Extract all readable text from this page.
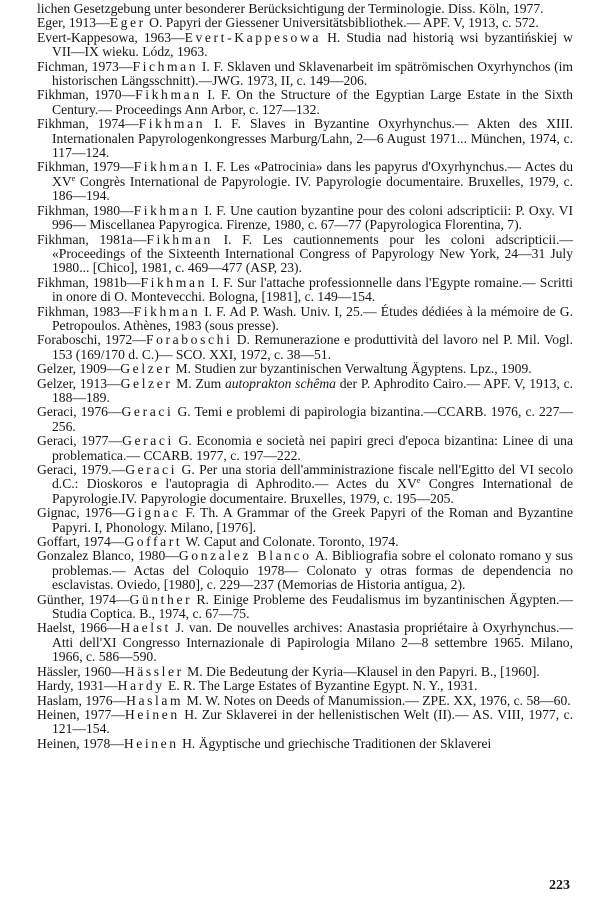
lichen Gesetzgebung unter besonderer Berücksichtigung der Terminologie. Diss. Köln, 1977.

Eger, 1913—Eger O. Papyri der Giessener Universitätsbibliothek.— APF. V, 1913, c. 572.

Evert-Kappesowa, 1963—Evert-Kappesowa H. Studia nad historią wsi byzantińskiej w VII—IX wieku. Lódz, 1963.

Fichman, 1973—Fichman I. F. Sklaven und Sklavenarbeit im spätrömischen Oxyrhynchos (im historischen Längsschnitt).—JWG. 1973, II, c. 149—206.

Fikhman, 1970—Fikhman I. F. On the Structure of the Egyptian Large Estate in the Sixth Century.— Proceedings Ann Arbor, c. 127—132.

Fikhman, 1974—Fikhman I. F. Slaves in Byzantine Oxyrhynchus.— Akten des XIII. Internationalen Papyrologenkongresses Marburg/Lahn, 2—6 August 1971... München, 1974, c. 117—124.

Fikhman, 1979—Fikhman I. F. Les «Patrocinia» dans les papyrus d'Oxyrhynchus.— Actes du XVe Congrès International de Papyrologie. IV. Papyrologie documentaire. Bruxelles, 1979, c. 186—194.

Fikhman, 1980—Fikhman I. F. Une caution byzantine pour des coloni adscripticii: P. Oxy. VI 996— Miscellanea Papyrogica. Firenze, 1980, c. 67—77 (Papyrologica Florentina, 7).

Fikhman, 1981a—Fikhman I. F. Les cautionnements pour les coloni adscripticii.— «Proceedings of the Sixteenth International Congress of Papyrology New York, 24—31 July 1980... [Chico], 1981, c. 469—477 (ASP, 23).

Fikhman, 1981b—Fikhman I. F. Sur l'attache professionnelle dans l'Egypte romaine.— Scritti in onore di O. Montevecchi. Bologna, [1981], c. 149—154.

Fikhman, 1983—Fikhman I. F. Ad P. Wash. Univ. I, 25.— Études dédiées à la mémoire de G. Petropoulos. Athènes, 1983 (sous presse).

Foraboschi, 1972—Foraboschi D. Remunerazione e produttività del lavoro nel P. Mil. Vogl. 153 (169/170 d. C.)— SCO. XXI, 1972, c. 38—51.

Gelzer, 1909—Gelzer M. Studien zur byzantinischen Verwaltung Ägyptens. Lpz., 1909.

Gelzer, 1913—Gelzer M. Zum autoprakton schêma der P. Aphrodito Cairo.— APF. V, 1913, c. 188—189.

Geraci, 1976—Geraci G. Temi e problemi di papirologia bizantina.—CCARB. 1976, c. 227—256.

Geraci, 1977—Geraci G. Economia e società nei papiri greci d'epoca bizantina: Linee di una problematica.— CCARB. 1977, c. 197—222.

Geraci, 1979.—Geraci G. Per una storia dell'amministrazione fiscale nell'Egitto del VI secolo d.C.: Dioskoros e l'autopragia di Aphrodito.— Actes du XVe Congres International de Papyrologie.IV. Papyrologie documentaire. Bruxelles, 1979, c. 195—205.

Gignac, 1976—Gignac F. Th. A Grammar of the Greek Papyri of the Roman and Byzantine Papyri. I, Phonology. Milano, [1976].

Goffart, 1974—Goffart W. Caput and Colonate. Toronto, 1974.

Gonzalez Blanco, 1980—Gonzalez Blanco A. Bibliografia sobre el colonato romano y sus problemas.— Actas del Coloquio 1978— Colonato y otras formas de dependencia no esclavistas. Oviedo, [1980], c. 229—237 (Memorias de Historia antigua, 2).

Günther, 1974—Günther R. Einige Probleme des Feudalismus im byzantinischen Ägypten.— Studia Coptica. B., 1974, c. 67—75.

Haelst, 1966—Haelst J. van. De nouvelles archives: Anastasia propriétaire à Oxyrhynchus.— Atti dell'XI Congresso Internazionale di Papirologia Milano 2—8 settembre 1965. Milano, 1966, c. 586—590.

Hässler, 1960—Hässler M. Die Bedeutung der Kyria—Klausel in den Papyri. B., [1960].

Hardy, 1931—Hardy E. R. The Large Estates of Byzantine Egypt. N. Y., 1931.

Haslam, 1976—Haslam M. W. Notes on Deeds of Manumission.— ZPE. XX, 1976, c. 58—60.

Heinen, 1977—Heinen H. Zur Sklaverei in der hellenistischen Welt (II).— AS. VIII, 1977, c. 121—154.

Heinen, 1978—Heinen H. Ägyptische und griechische Traditionen der Sklaverei

223
